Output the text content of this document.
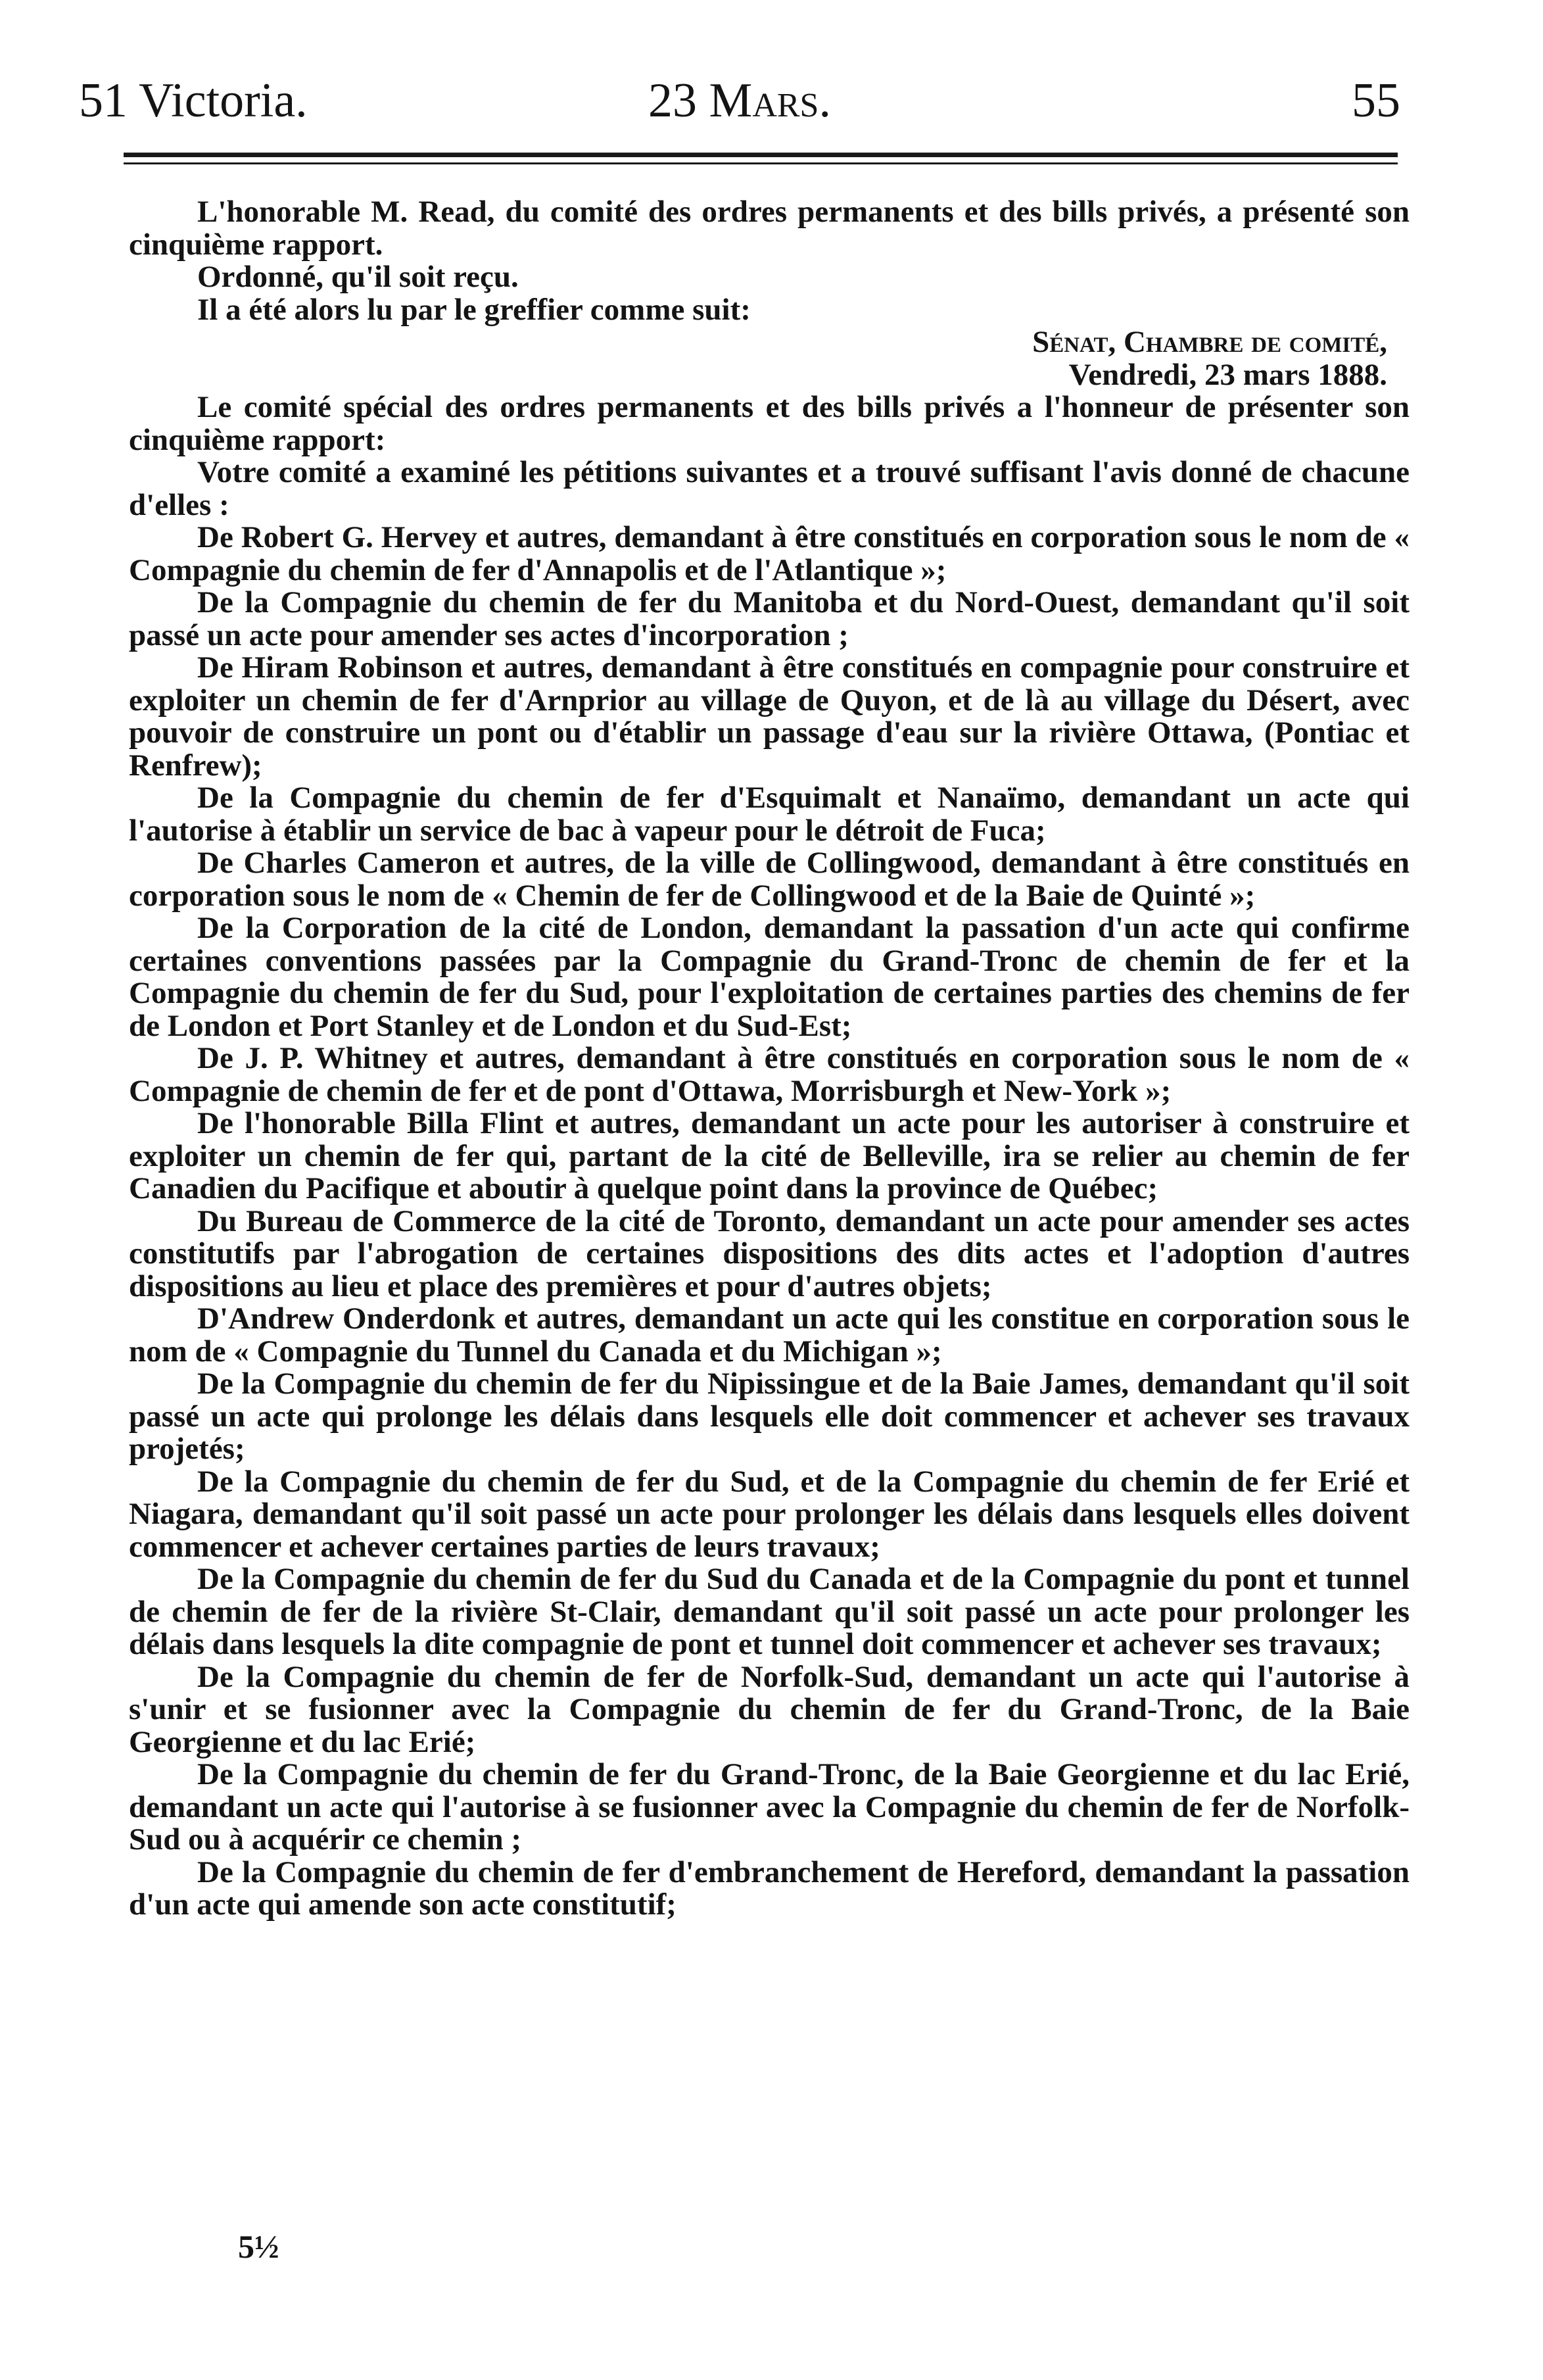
51 Victoria.	23 Mars.	55

L'honorable M. Read, du comité des ordres permanents et des bills privés, a présenté son cinquième rapport.

Ordonné, qu'il soit reçu.

Il a été alors lu par le greffier comme suit:

Sénat, Chambre de comité,

Vendredi, 23 mars 1888.

Le comité spécial des ordres permanents et des bills privés a l'honneur de présenter son cinquième rapport:

Votre comité a examiné les pétitions suivantes et a trouvé suffisant l'avis donné de chacune d'elles :

De Robert G. Hervey et autres, demandant à être constitués en corporation sous le nom de « Compagnie du chemin de fer d'Annapolis et de l'Atlantique »;

De la Compagnie du chemin de fer du Manitoba et du Nord-Ouest, demandant qu'il soit passé un acte pour amender ses actes d'incorporation ;

De Hiram Robinson et autres, demandant à être constitués en compagnie pour construire et exploiter un chemin de fer d'Arnprior au village de Quyon, et de là au village du Désert, avec pouvoir de construire un pont ou d'établir un passage d'eau sur la rivière Ottawa, (Pontiac et Renfrew);

De la Compagnie du chemin de fer d'Esquimalt et Nanaïmo, demandant un acte qui l'autorise à établir un service de bac à vapeur pour le détroit de Fuca;

De Charles Cameron et autres, de la ville de Collingwood, demandant à être constitués en corporation sous le nom de « Chemin de fer de Collingwood et de la Baie de Quinté »;

De la Corporation de la cité de London, demandant la passation d'un acte qui confirme certaines conventions passées par la Compagnie du Grand-Tronc de chemin de fer et la Compagnie du chemin de fer du Sud, pour l'exploitation de certaines parties des chemins de fer de London et Port Stanley et de London et du Sud-Est;

De J. P. Whitney et autres, demandant à être constitués en corporation sous le nom de « Compagnie de chemin de fer et de pont d'Ottawa, Morrisburgh et New-York »;

De l'honorable Billa Flint et autres, demandant un acte pour les autoriser à construire et exploiter un chemin de fer qui, partant de la cité de Belleville, ira se relier au chemin de fer Canadien du Pacifique et aboutir à quelque point dans la province de Québec;

Du Bureau de Commerce de la cité de Toronto, demandant un acte pour amender ses actes constitutifs par l'abrogation de certaines dispositions des dits actes et l'adoption d'autres dispositions au lieu et place des premières et pour d'autres objets;

D'Andrew Onderdonk et autres, demandant un acte qui les constitue en corporation sous le nom de « Compagnie du Tunnel du Canada et du Michigan »;

De la Compagnie du chemin de fer du Nipissingue et de la Baie James, demandant qu'il soit passé un acte qui prolonge les délais dans lesquels elle doit commencer et achever ses travaux projetés;

De la Compagnie du chemin de fer du Sud, et de la Compagnie du chemin de fer Erié et Niagara, demandant qu'il soit passé un acte pour prolonger les délais dans lesquels elles doivent commencer et achever certaines parties de leurs travaux;

De la Compagnie du chemin de fer du Sud du Canada et de la Compagnie du pont et tunnel de chemin de fer de la rivière St-Clair, demandant qu'il soit passé un acte pour prolonger les délais dans lesquels la dite compagnie de pont et tunnel doit commencer et achever ses travaux;

De la Compagnie du chemin de fer de Norfolk-Sud, demandant un acte qui l'autorise à s'unir et se fusionner avec la Compagnie du chemin de fer du Grand-Tronc, de la Baie Georgienne et du lac Erié;

De la Compagnie du chemin de fer du Grand-Tronc, de la Baie Georgienne et du lac Erié, demandant un acte qui l'autorise à se fusionner avec la Compagnie du chemin de fer de Norfolk-Sud ou à acquérir ce chemin ;

De la Compagnie du chemin de fer d'embranchement de Hereford, demandant la passation d'un acte qui amende son acte constitutif;

5½
